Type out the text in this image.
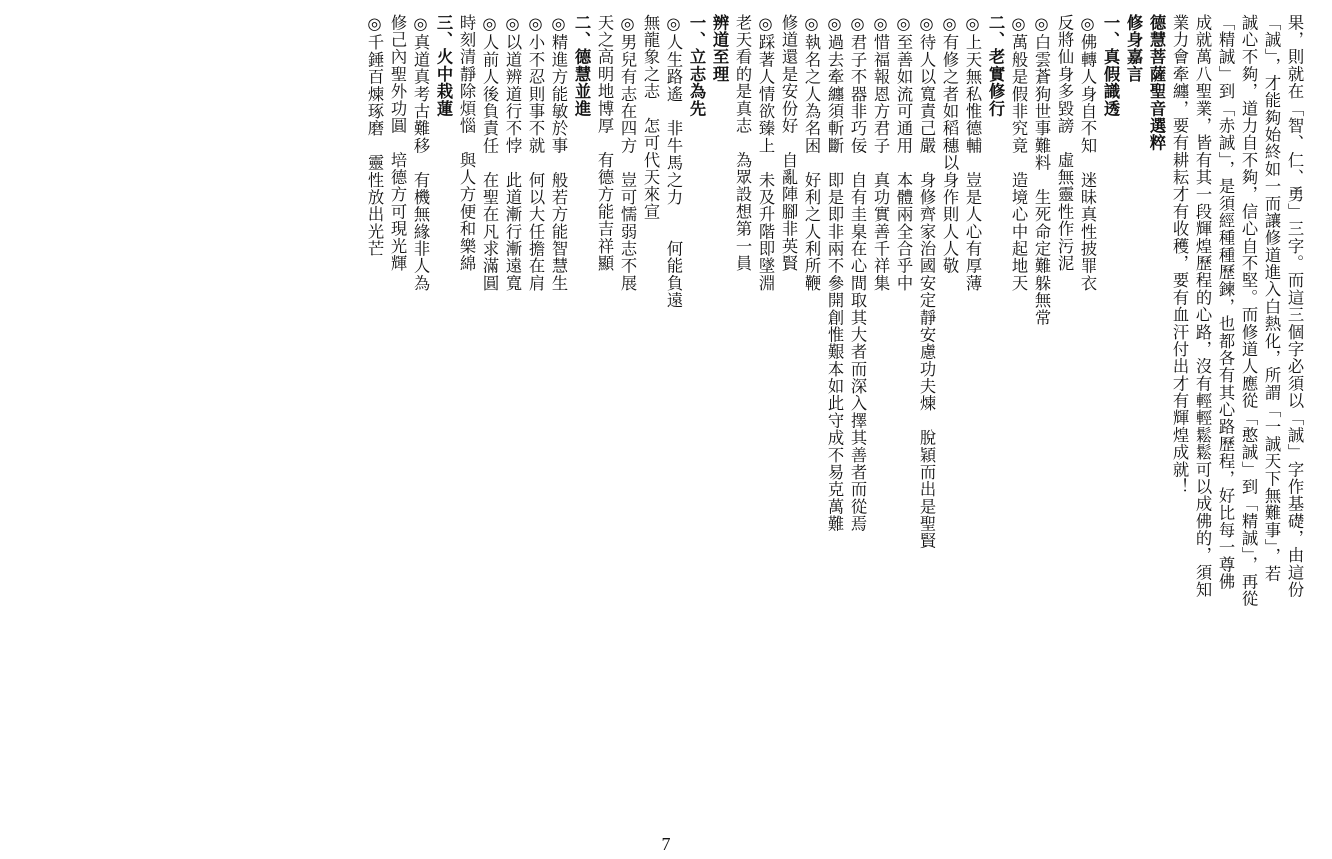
果，則就在「智、仁、勇」三字。而這三個字必須以「誠」字作基礎，由這份
「誠」，才能夠始終如一而讓修道進入白熱化，所謂「一誠天下無難事」，若
誠心不夠，道力自不夠，信心自不堅。而修道人應從「憨誠」到「精誠」，再從
「精誠」到「赤誠」，是須經種種歷鍊，也都各有其心路歷程，好比每一尊佛
成就萬八聖業，皆有其一段輝煌歷程的心路，沒有輕輕鬆鬆可以成佛的，須知
業力會牽纏，要有耕耘才有收穫，要有血汗付出才有輝煌成就！
德慧菩薩聖音選粹
修身嘉言
一、真假識透
◎佛轉人身自不知　迷昧真性披罪衣
反將仙身多毀謗　虛無靈性作污泥
◎白雲蒼狗世事難料　生死命定難躲無常
◎萬般是假非究竟　造境心中起地天
二、老實修行
◎上天無私惟德輔　豈是人心有厚薄
◎有修之者如稻穗以身作則人人敬
◎待人以寬責己嚴　身修齊家治國安定靜安慮功夫煉　脫穎而出是聖賢
◎至善如流可通用　本體兩全合乎中
◎惜福報恩方君子　真功實善千祥集
◎君子不器非巧佞　自有圭臬在心間取其大者而深入擇其善者而從焉
◎過去牽纏須斬斷　即是即非兩不參開創惟艱本如此守成不易克萬難
◎執名之人為名困　好利之人利所鞭
修道還是安份好　自亂陣腳非英賢
◎踩著人情欲臻上　未及升階即墜淵
老天看的是真志　為眾設想第一員
辨道至理
一、立志為先
◎人生路遙　非牛馬之力　　何能負遠
無龍象之志　怎可代天來宣
◎男兒有志在四方　豈可懦弱志不展
天之高明地博厚　有德方能吉祥顯
二、德慧並進
◎精進方能敏於事　般若方能智慧生
◎小不忍則事不就　何以大任擔在肩
◎以道辨道行不悖　此道漸行漸遠寬
◎人前人後負責任　在聖在凡求滿圓
時刻清靜除煩惱　與人方便和樂綿
三、火中栽蓮
◎真道真考古難移　有機無緣非人為
修己內聖外功圓　培德方可現光輝
◎千錘百煉琢磨　靈性放出光芒
7
